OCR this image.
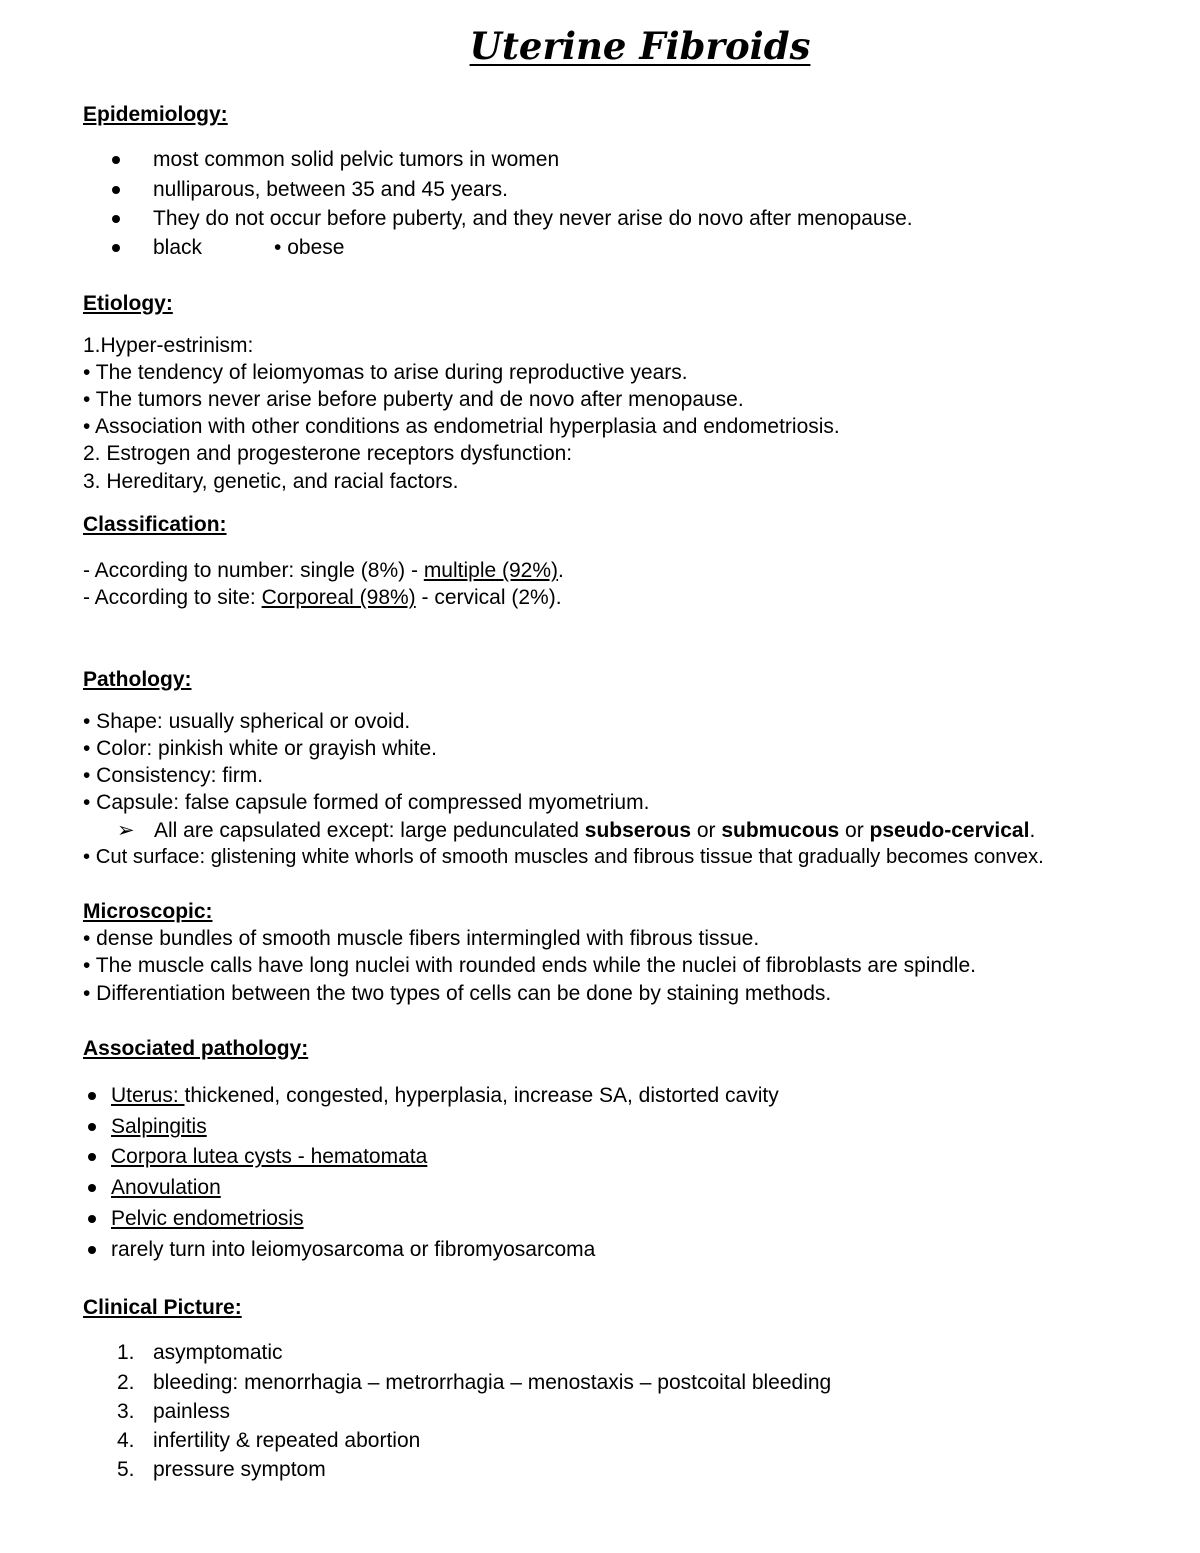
Uterine Fibroids
Epidemiology:
most common solid pelvic tumors in women
nulliparous, between 35 and 45 years.
They do not occur before puberty, and they never arise do novo after menopause.
black	• obese
Etiology:
1.Hyper-estrinism:
• The tendency of leiomyomas to arise during reproductive years.
• The tumors never arise before puberty and de novo after menopause.
• Association with other conditions as endometrial hyperplasia and endometriosis.
2. Estrogen and progesterone receptors dysfunction:
3. Hereditary, genetic, and racial factors.
Classification:
- According to number: single (8%) - multiple (92%).
- According to site: Corporeal (98%) - cervical (2%).
Pathology:
• Shape: usually spherical or ovoid.
• Color: pinkish white or grayish white.
• Consistency: firm.
• Capsule: false capsule formed of compressed myometrium.
➢ All are capsulated except: large pedunculated subserous or submucous or pseudo-cervical.
• Cut surface: glistening white whorls of smooth muscles and fibrous tissue that gradually becomes convex.
Microscopic:
• dense bundles of smooth muscle fibers intermingled with fibrous tissue.
• The muscle calls have long nuclei with rounded ends while the nuclei of fibroblasts are spindle.
• Differentiation between the two types of cells can be done by staining methods.
Associated pathology:
Uterus: thickened, congested, hyperplasia, increase SA, distorted cavity
Salpingitis
Corpora lutea cysts - hematomata
Anovulation
Pelvic endometriosis
rarely turn into leiomyosarcoma or fibromyosarcoma
Clinical Picture:
1. asymptomatic
2. bleeding: menorrhagia – metrorrhagia – menostaxis – postcoital bleeding
3. painless
4. infertility & repeated abortion
5. pressure symptom
